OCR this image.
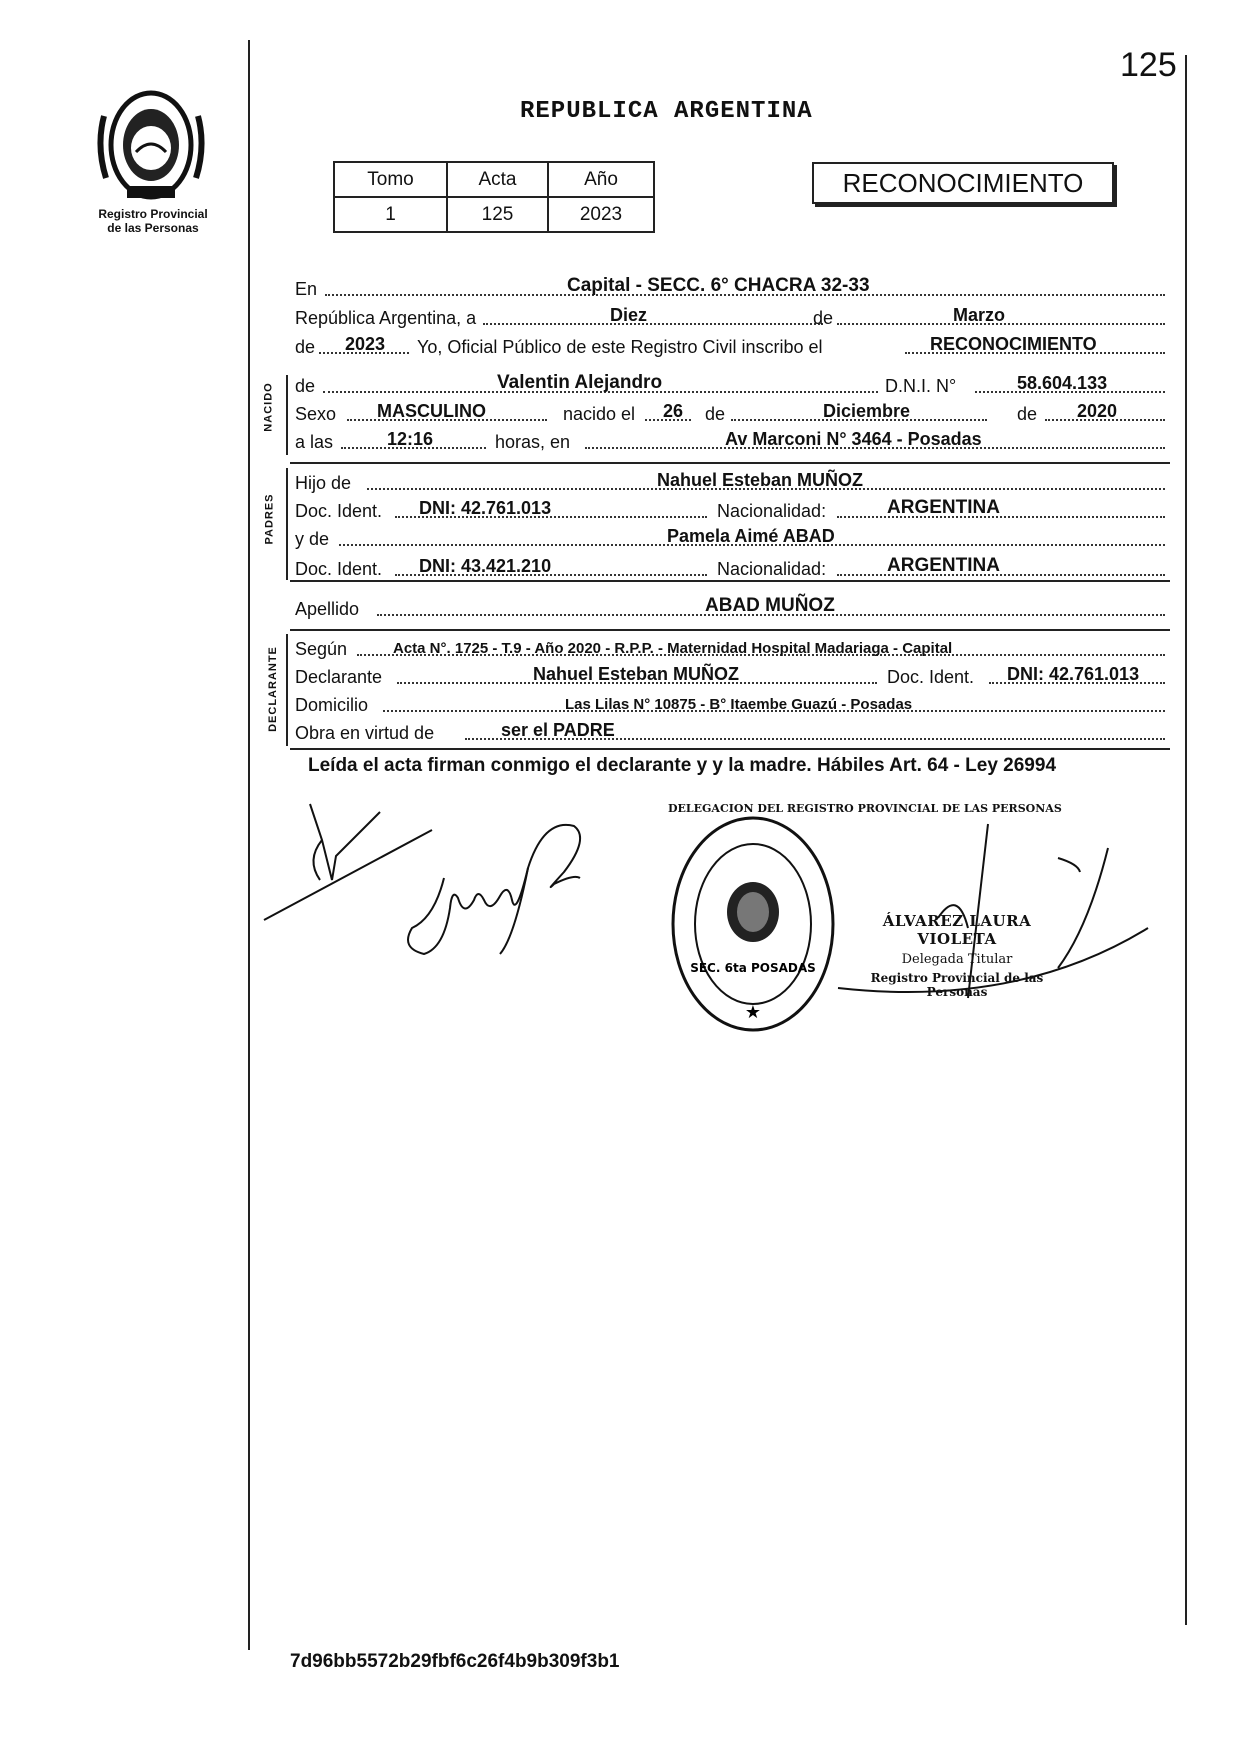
125
REPUBLICA ARGENTINA
Registro Provincial
de las Personas
Tomo	Acta	Año
1	125	2023
RECONOCIMIENTO
NACIDO
PADRES
DECLARANTE
En	Capital - SECC. 6° CHACRA 32-33
República Argentina, a	Diez	de	Marzo
de 2023 Yo, Oficial Público de este Registro Civil inscribo el	RECONOCIMIENTO
de	Valentin Alejandro	D.N.I. N°	58.604.133
Sexo MASCULINO	nacido el 26 de	Diciembre	de 2020
a las	12:16	horas, en	Av Marconi N° 3464 - Posadas
Hijo de	Nahuel Esteban MUÑOZ
Doc. Ident. DNI: 42.761.013	Nacionalidad:	ARGENTINA
y de	Pamela Aimé ABAD
Doc. Ident. DNI: 43.421.210	Nacionalidad:	ARGENTINA
Apellido	ABAD MUÑOZ
Según	Acta N°. 1725 - T.9 - Año 2020 - R.P.P. - Maternidad Hospital Madariaga - Capital
Declarante	Nahuel Esteban MUÑOZ	Doc. Ident. DNI: 42.761.013
Domicilio	Las Lilas N° 10875 - B° Itaembe Guazú - Posadas
Obra en virtud de	ser el PADRE
Leída el acta firman conmigo el declarante y y la madre. Hábiles Art. 64 - Ley 26994
DELEGACION DEL REGISTRO PROVINCIAL DE LAS PERSONAS
SEC. 6ta POSADAS
★
ÁLVAREZ LAURA VIOLETA
Delegada Titular
Registro Provincial de las Personas
7d96bb5572b29fbf6c26f4b9b309f3b1
